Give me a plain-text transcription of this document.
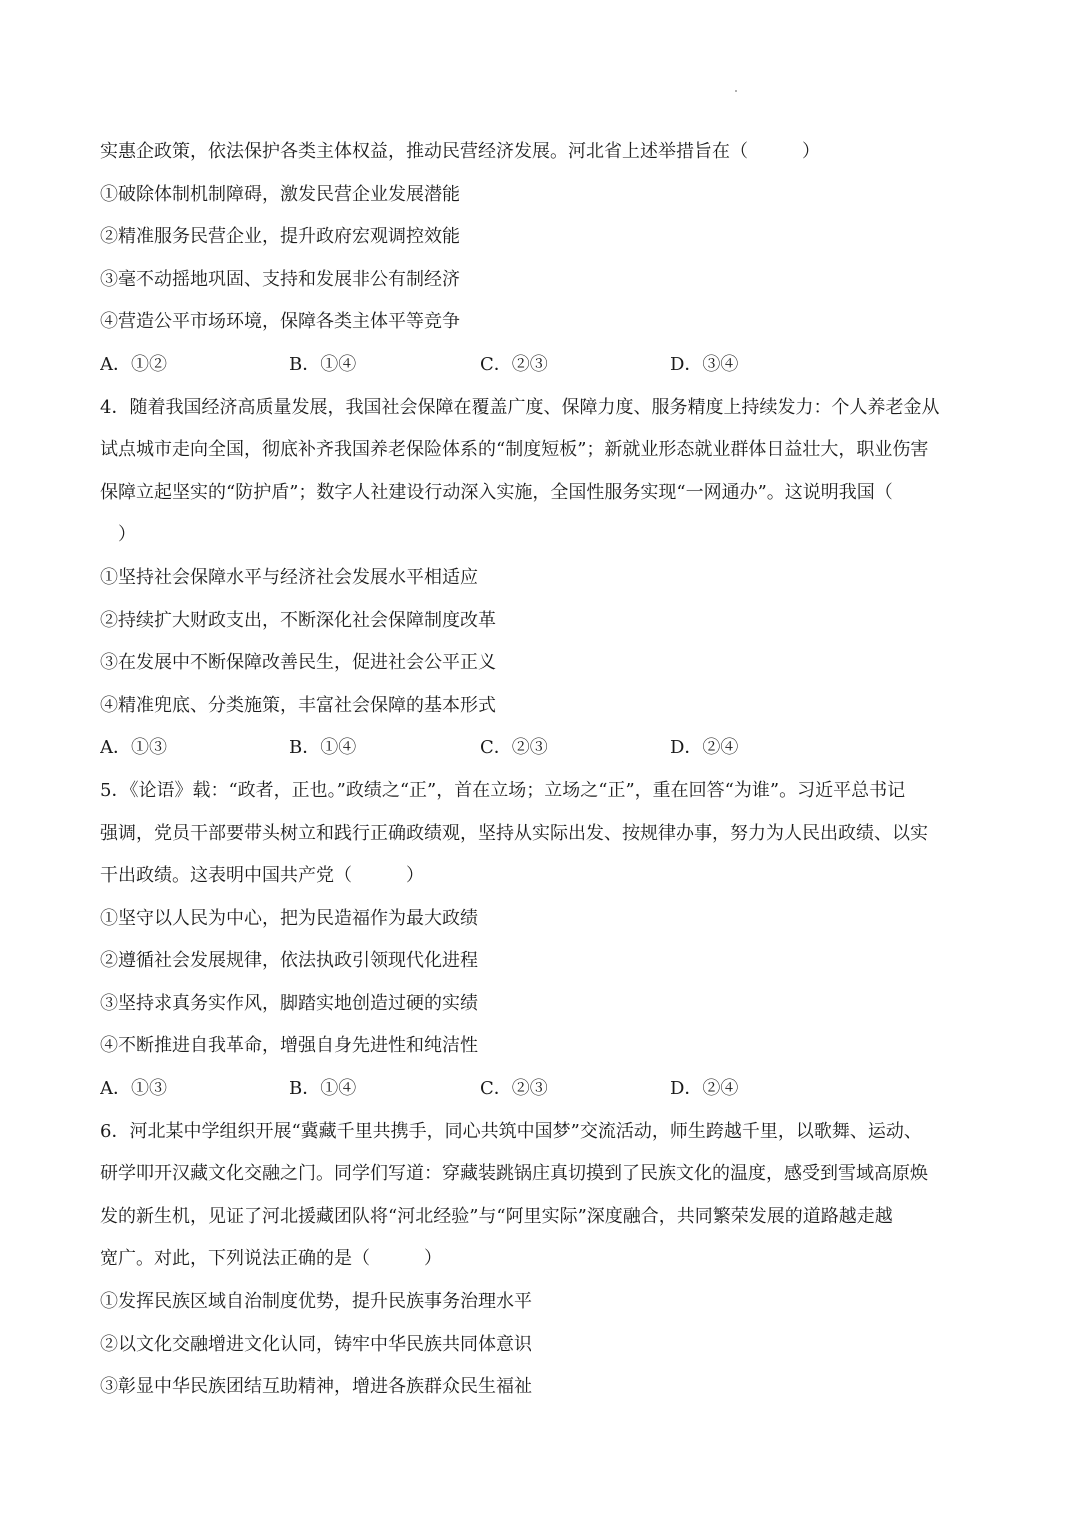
实惠企政策，依法保护各类主体权益，推动民营经济发展。河北省上述举措旨在（　　　）
①破除体制机制障碍，激发民营企业发展潜能
②精准服务民营企业，提升政府宏观调控效能
③毫不动摇地巩固、支持和发展非公有制经济
④营造公平市场环境，保障各类主体平等竞争
A．①②	B．①④	C．②③	D．③④
4．随着我国经济高质量发展，我国社会保障在覆盖广度、保障力度、服务精度上持续发力：个人养老金从
试点城市走向全国，彻底补齐我国养老保险体系的“制度短板”；新就业形态就业群体日益壮大，职业伤害
保障立起坚实的“防护盾”；数字人社建设行动深入实施，全国性服务实现“一网通办”。这说明我国（
）
①坚持社会保障水平与经济社会发展水平相适应
②持续扩大财政支出，不断深化社会保障制度改革
③在发展中不断保障改善民生，促进社会公平正义
④精准兜底、分类施策，丰富社会保障的基本形式
A．①③	B．①④	C．②③	D．②④
5．《论语》载：“政者，正也。”政绩之“正”，首在立场；立场之“正”，重在回答“为谁”。习近平总书记
强调，党员干部要带头树立和践行正确政绩观，坚持从实际出发、按规律办事，努力为人民出政绩、以实
干出政绩。这表明中国共产党（　　　）
①坚守以人民为中心，把为民造福作为最大政绩
②遵循社会发展规律，依法执政引领现代化进程
③坚持求真务实作风，脚踏实地创造过硬的实绩
④不断推进自我革命，增强自身先进性和纯洁性
A．①③	B．①④	C．②③	D．②④
6．河北某中学组织开展“冀藏千里共携手，同心共筑中国梦”交流活动，师生跨越千里，以歌舞、运动、
研学叩开汉藏文化交融之门。同学们写道：穿藏装跳锅庄真切摸到了民族文化的温度，感受到雪域高原焕
发的新生机，见证了河北援藏团队将“河北经验”与“阿里实际”深度融合，共同繁荣发展的道路越走越
宽广。对此，下列说法正确的是（　　　）
①发挥民族区域自治制度优势，提升民族事务治理水平
②以文化交融增进文化认同，铸牢中华民族共同体意识
③彰显中华民族团结互助精神，增进各族群众民生福祉
